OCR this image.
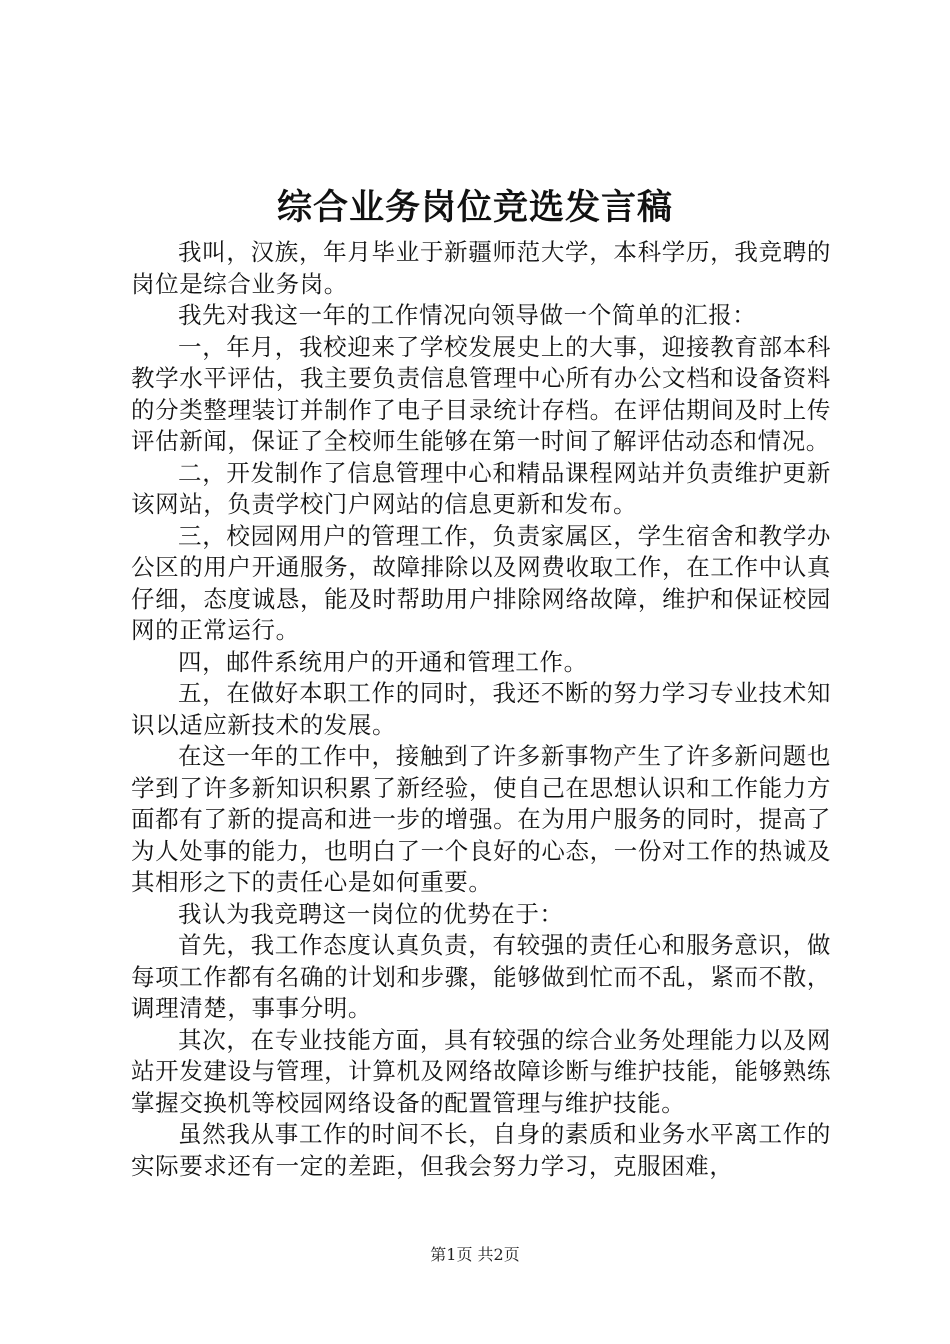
综合业务岗位竞选发言稿

我叫，汉族，年月毕业于新疆师范大学，本科学历，我竞聘的岗位是综合业务岗。

我先对我这一年的工作情况向领导做一个简单的汇报：

一，年月，我校迎来了学校发展史上的大事，迎接教育部本科教学水平评估，我主要负责信息管理中心所有办公文档和设备资料的分类整理装订并制作了电子目录统计存档。在评估期间及时上传评估新闻，保证了全校师生能够在第一时间了解评估动态和情况。

二，开发制作了信息管理中心和精品课程网站并负责维护更新该网站，负责学校门户网站的信息更新和发布。

三，校园网用户的管理工作，负责家属区，学生宿舍和教学办公区的用户开通服务，故障排除以及网费收取工作，在工作中认真仔细，态度诚恳，能及时帮助用户排除网络故障，维护和保证校园网的正常运行。

四，邮件系统用户的开通和管理工作。

五，在做好本职工作的同时，我还不断的努力学习专业技术知识以适应新技术的发展。

在这一年的工作中，接触到了许多新事物产生了许多新问题也学到了许多新知识积累了新经验，使自己在思想认识和工作能力方面都有了新的提高和进一步的增强。在为用户服务的同时，提高了为人处事的能力，也明白了一个良好的心态，一份对工作的热诚及其相形之下的责任心是如何重要。

我认为我竞聘这一岗位的优势在于：

首先，我工作态度认真负责，有较强的责任心和服务意识，做每项工作都有名确的计划和步骤，能够做到忙而不乱，紧而不散，调理清楚，事事分明。

其次，在专业技能方面，具有较强的综合业务处理能力以及网站开发建设与管理，计算机及网络故障诊断与维护技能，能够熟练掌握交换机等校园网络设备的配置管理与维护技能。

虽然我从事工作的时间不长，自身的素质和业务水平离工作的实际要求还有一定的差距，但我会努力学习，克服困难，

第1页 共2页
